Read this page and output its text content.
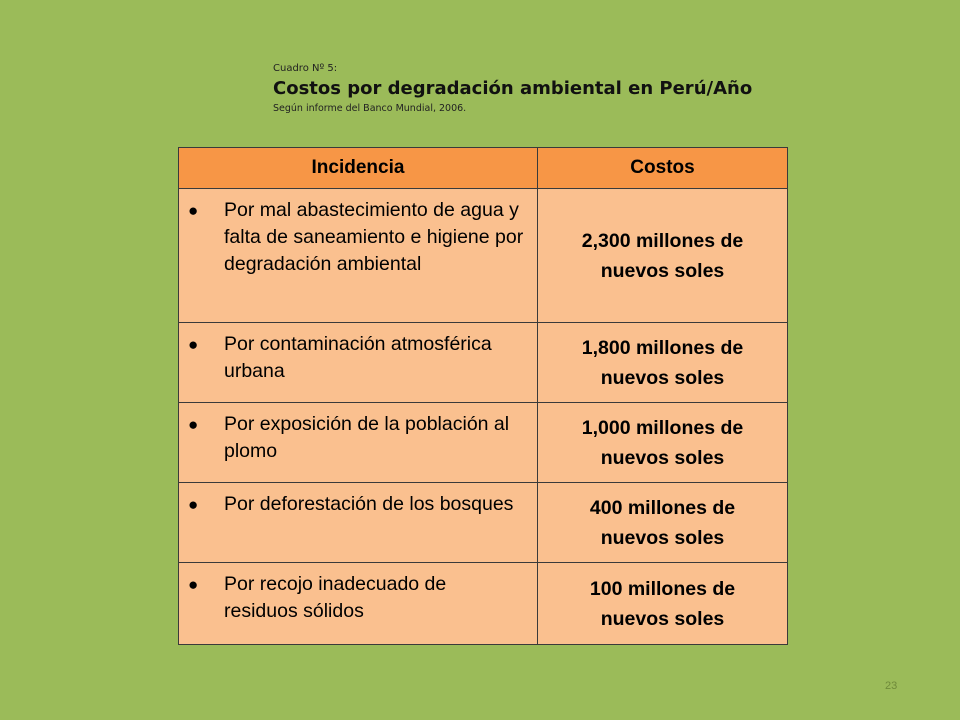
Cuadro Nº 5:
Costos por degradación ambiental en Perú/Año
Según informe del Banco Mundial, 2006.
Incidencia	Costos

● Por mal abastecimiento de agua y falta de saneamiento e higiene por degradación ambiental	2,300 millones de nuevos soles

● Por contaminación atmosférica urbana	1,800 millones de nuevos soles

● Por exposición de la población al plomo	1,000 millones de nuevos soles

● Por deforestación de los bosques	400 millones de nuevos soles

● Por recojo inadecuado de residuos sólidos	100 millones de nuevos soles
23
